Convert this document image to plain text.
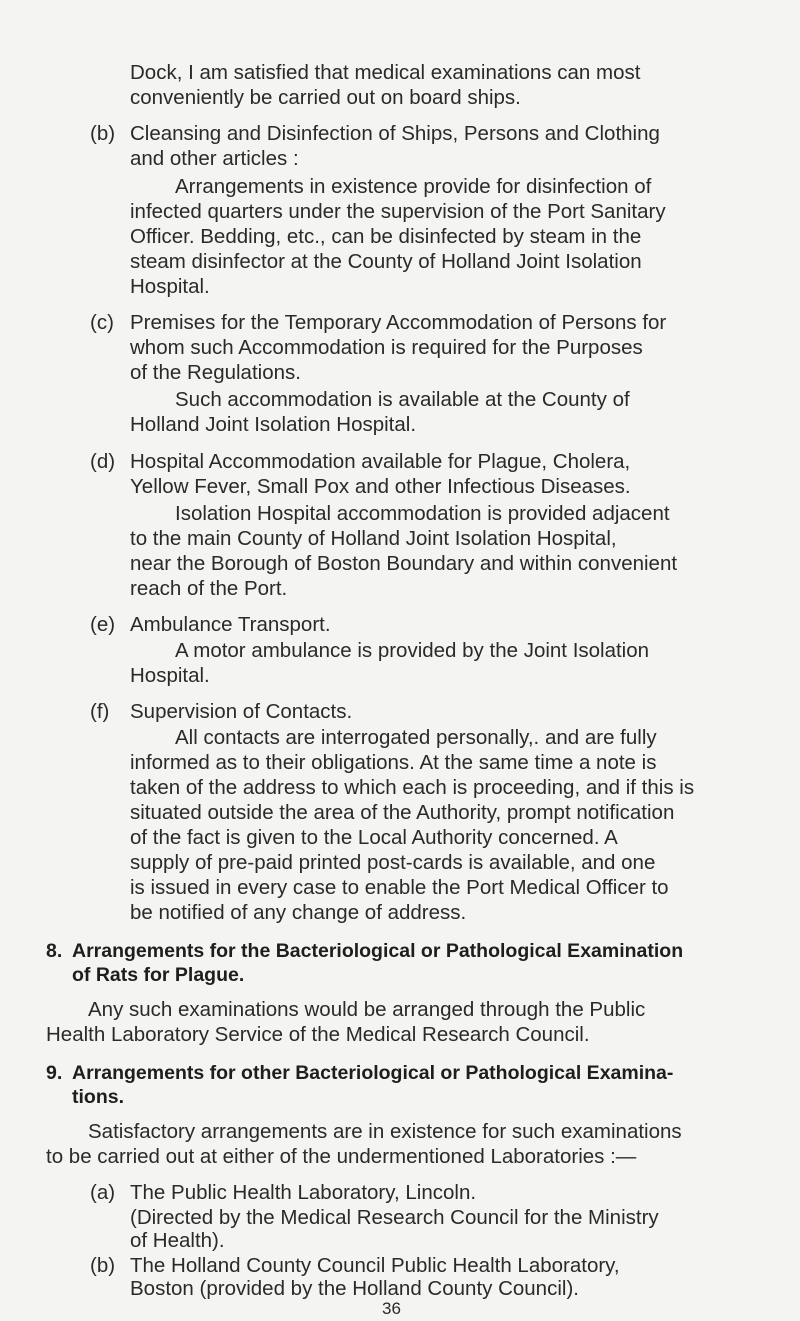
Dock, I am satisfied that medical examinations can most
conveniently be carried out on board ships.
(b) Cleansing and Disinfection of Ships, Persons and Clothing
and other articles :
Arrangements in existence provide for disinfection of
infected quarters under the supervision of the Port Sanitary
Officer. Bedding, etc., can be disinfected by steam in the
steam disinfector at the County of Holland Joint Isolation
Hospital.
(c) Premises for the Temporary Accommodation of Persons for
whom such Accommodation is required for the Purposes
of the Regulations.
Such accommodation is available at the County of
Holland Joint Isolation Hospital.
(d) Hospital Accommodation available for Plague, Cholera,
Yellow Fever, Small Pox and other Infectious Diseases.
Isolation Hospital accommodation is provided adjacent
to the main County of Holland Joint Isolation Hospital,
near the Borough of Boston Boundary and within convenient
reach of the Port.
(e) Ambulance Transport.
A motor ambulance is provided by the Joint Isolation
Hospital.
(f) Supervision of Contacts.
All contacts are interrogated personally,. and are fully
informed as to their obligations. At the same time a note is
taken of the address to which each is proceeding, and if this is
situated outside the area of the Authority, prompt notification
of the fact is given to the Local Authority concerned. A
supply of pre-paid printed post-cards is available, and one
is issued in every case to enable the Port Medical Officer to
be notified of any change of address.
8. Arrangements for the Bacteriological or Pathological Examination
of Rats for Plague.
Any such examinations would be arranged through the Public
Health Laboratory Service of the Medical Research Council.
9. Arrangements for other Bacteriological or Pathological Examina-
tions.
Satisfactory arrangements are in existence for such examinations
to be carried out at either of the undermentioned Laboratories :—
(a) The Public Health Laboratory, Lincoln.
(Directed by the Medical Research Council for the Ministry
of Health).
(b) The Holland County Council Public Health Laboratory,
36
Boston (provided by the Holland County Council).
